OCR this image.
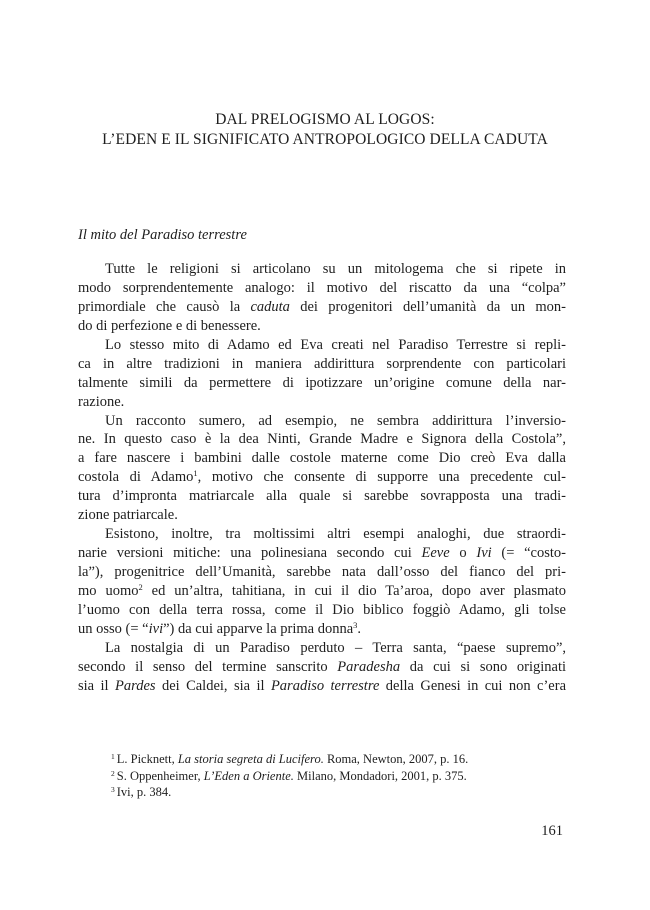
DAL PRELOGISMO AL LOGOS:
L’EDEN E IL SIGNIFICATO ANTROPOLOGICO DELLA CADUTA
Il mito del Paradiso terrestre
Tutte le religioni si articolano su un mitologema che si ripete in
modo sorprendentemente analogo: il motivo del riscatto da una “colpa”
primordiale che causò la caduta dei progenitori dell’umanità da un mon-
do di perfezione e di benessere.
Lo stesso mito di Adamo ed Eva creati nel Paradiso Terrestre si repli-
ca in altre tradizioni in maniera addirittura sorprendente con particolari
talmente simili da permettere di ipotizzare un’origine comune della nar-
razione.
Un racconto sumero, ad esempio, ne sembra addirittura l’inversio-
ne. In questo caso è la dea Ninti, Grande Madre e Signora della Costola”,
a fare nascere i bambini dalle costole materne come Dio creò Eva dalla
costola di Adamo$^1$, motivo che consente di supporre una precedente cul-
tura d’impronta matriarcale alla quale si sarebbe sovrapposta una tradi-
zione patriarcale.
Esistono, inoltre, tra moltissimi altri esempi analoghi, due straordi-
narie versioni mitiche: una polinesiana secondo cui Eeve o Ivi (= “costo-
la”), progenitrice dell’Umanità, sarebbe nata dall’osso del fianco del pri-
mo uomo$^2$ ed un’altra, tahitiana, in cui il dio Ta’aroa, dopo aver plasmato
l’uomo con della terra rossa, come il Dio biblico foggiò Adamo, gli tolse
un osso (= “ivi”) da cui apparve la prima donna$^3$.
La nostalgia di un Paradiso perduto – Terra santa, “paese supremo”,
secondo il senso del termine sanscrito Paradesha da cui si sono originati
sia il Pardes dei Caldei, sia il Paradiso terrestre della Genesi in cui non c’era
$^1$ L. Picknett, La storia segreta di Lucifero. Roma, Newton, 2007, p. 16.
$^2$ S. Oppenheimer, L’Eden a Oriente. Milano, Mondadori, 2001, p. 375.
$^3$ Ivi, p. 384.
161
